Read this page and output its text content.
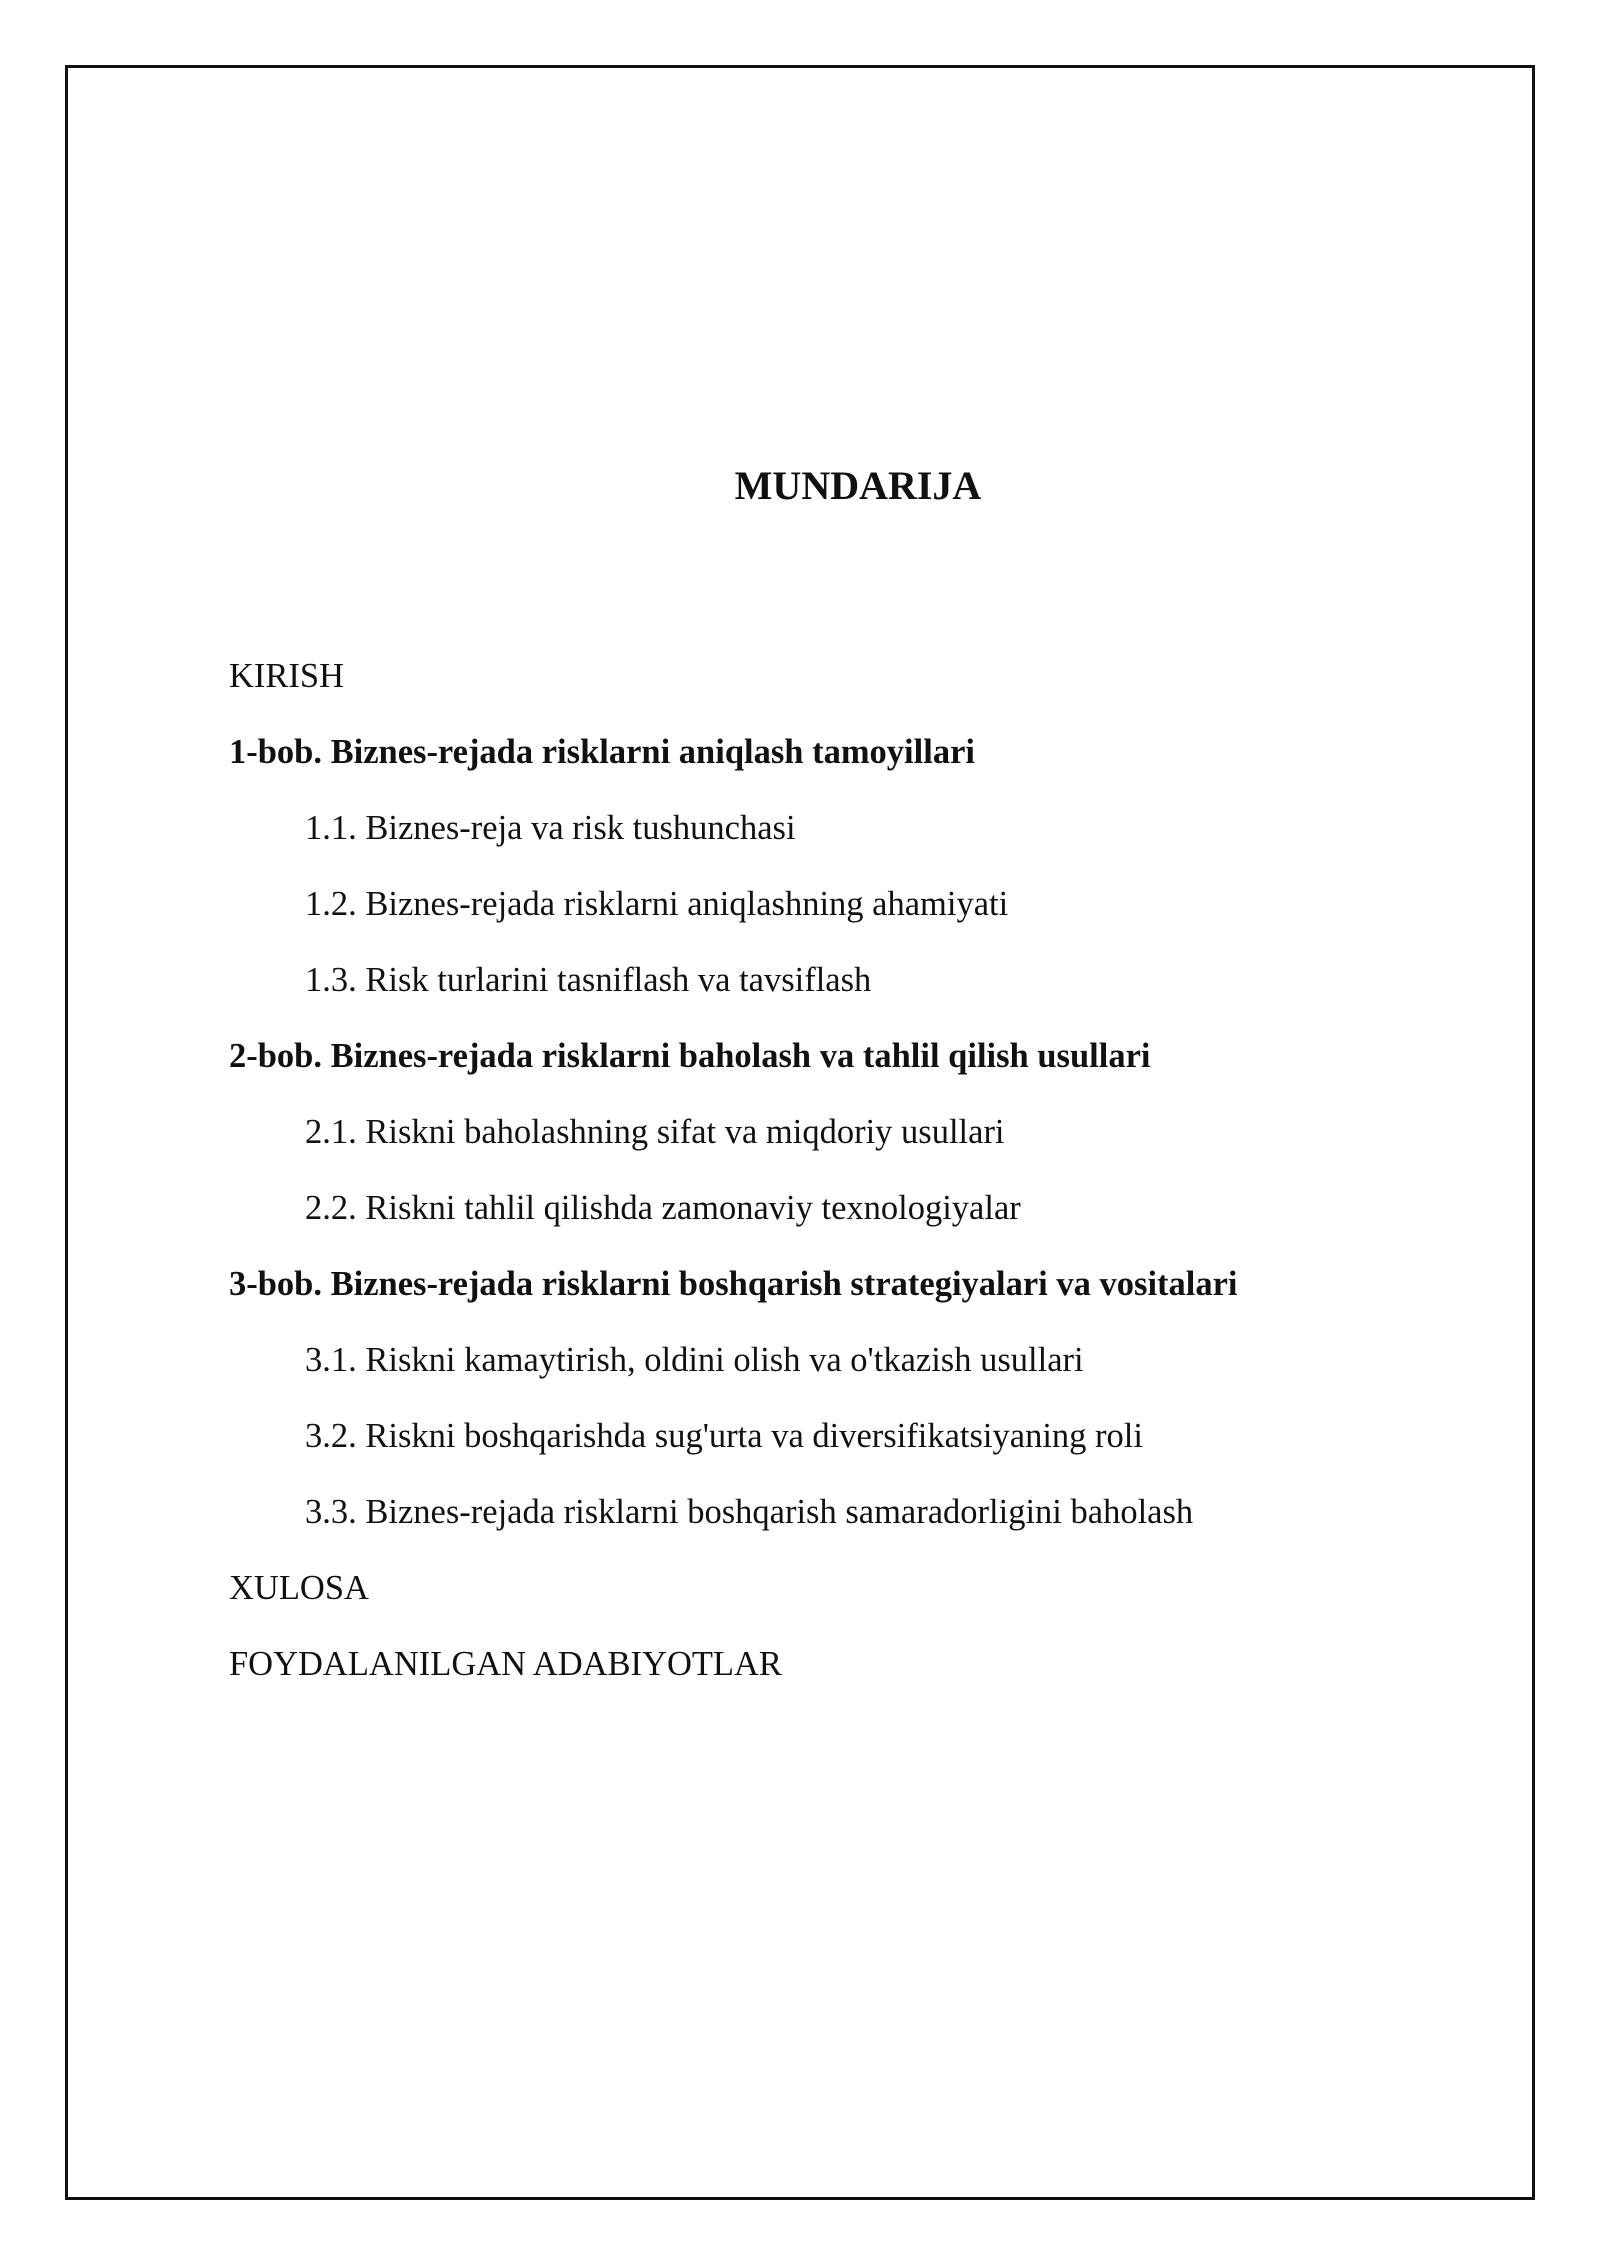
MUNDARIJA
KIRISH
1-bob. Biznes-rejada risklarni aniqlash tamoyillari
1.1. Biznes-reja va risk tushunchasi
1.2. Biznes-rejada risklarni aniqlashning ahamiyati
1.3. Risk turlarini tasniflash va tavsiflash
2-bob. Biznes-rejada risklarni baholash va tahlil qilish usullari
2.1. Riskni baholashning sifat va miqdoriy usullari
2.2. Riskni tahlil qilishda zamonaviy texnologiyalar
3-bob. Biznes-rejada risklarni boshqarish strategiyalari va vositalari
3.1. Riskni kamaytirish, oldini olish va o'tkazish usullari
3.2. Riskni boshqarishda sug'urta va diversifikatsiyaning roli
3.3. Biznes-rejada risklarni boshqarish samaradorligini baholash
XULOSA
FOYDALANILGAN ADABIYOTLAR
